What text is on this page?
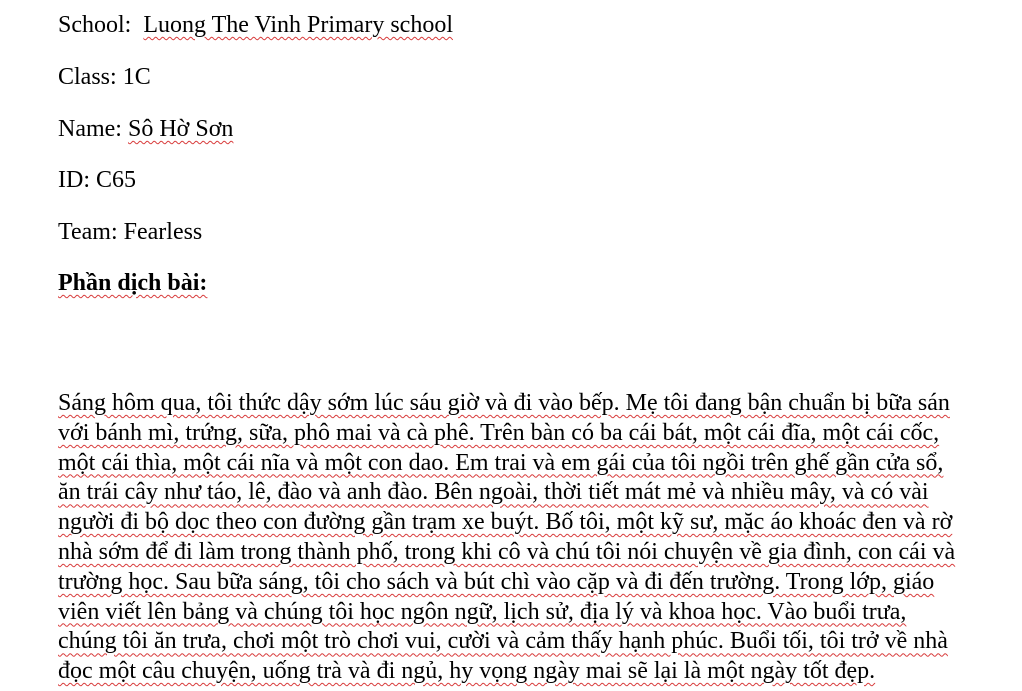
School: Luong The Vinh Primary school
Class: 1C
Name: Sô Hờ Sơn
ID: C65
Team: Fearless
Phần dịch bài:
Sáng hôm qua, tôi thức dậy sớm lúc sáu giờ và đi vào bếp. Mẹ tôi đang bận chuẩn bị bữa sán
với bánh mì, trứng, sữa, phô mai và cà phê. Trên bàn có ba cái bát, một cái đĩa, một cái cốc,
một cái thìa, một cái nĩa và một con dao. Em trai và em gái của tôi ngồi trên ghế gần cửa sổ,
ăn trái cây như táo, lê, đào và anh đào. Bên ngoài, thời tiết mát mẻ và nhiều mây, và có vài
người đi bộ dọc theo con đường gần trạm xe buýt. Bố tôi, một kỹ sư, mặc áo khoác đen và rờ
nhà sớm để đi làm trong thành phố, trong khi cô và chú tôi nói chuyện về gia đình, con cái và
trường học. Sau bữa sáng, tôi cho sách và bút chì vào cặp và đi đến trường. Trong lớp, giáo
viên viết lên bảng và chúng tôi học ngôn ngữ, lịch sử, địa lý và khoa học. Vào buổi trưa,
chúng tôi ăn trưa, chơi một trò chơi vui, cười và cảm thấy hạnh phúc. Buổi tối, tôi trở về nhà
đọc một câu chuyện, uống trà và đi ngủ, hy vọng ngày mai sẽ lại là một ngày tốt đẹp.
